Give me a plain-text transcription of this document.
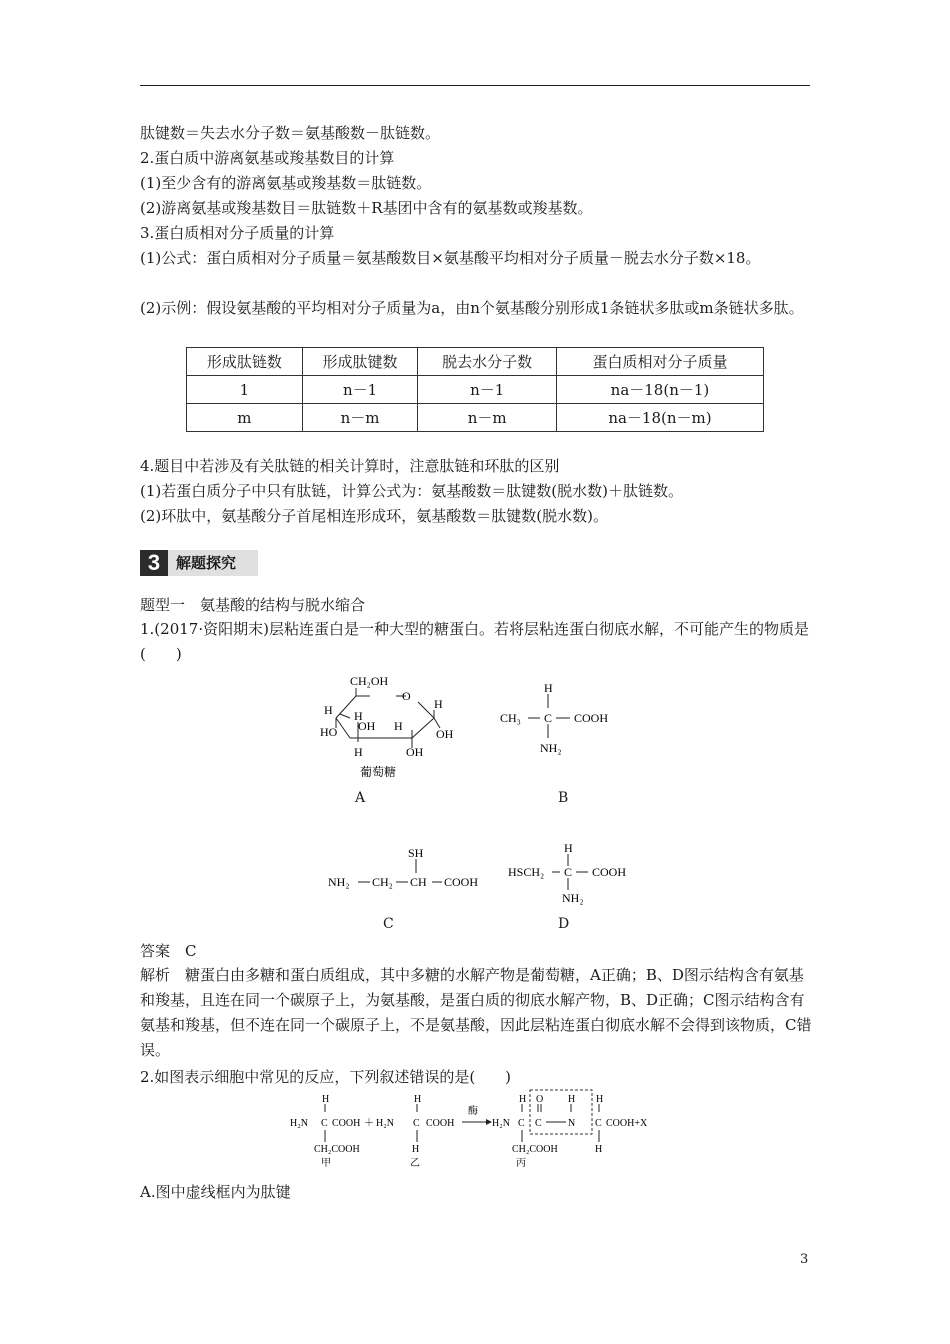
肽键数＝失去水分子数＝氨基酸数－肽链数。
2.蛋白质中游离氨基或羧基数目的计算
(1)至少含有的游离氨基或羧基数＝肽链数。
(2)游离氨基或羧基数目＝肽链数＋R基团中含有的氨基数或羧基数。
3.蛋白质相对分子质量的计算
(1)公式：蛋白质相对分子质量＝氨基酸数目×氨基酸平均相对分子质量－脱去水分子数×18。
(2)示例：假设氨基酸的平均相对分子质量为a，由n个氨基酸分别形成1条链状多肽或m条链状多肽。
形成肽链数	形成肽键数	脱去水分子数	蛋白质相对分子质量
1	n－1	n－1	na－18(n－1)
m	n－m	n－m	na－18(n－m)
4.题目中若涉及有关肽链的相关计算时，注意肽链和环肽的区别
(1)若蛋白质分子中只有肽链，计算公式为：氨基酸数＝肽键数(脱水数)＋肽链数。
(2)环肽中，氨基酸分子首尾相连形成环，氨基酸数＝肽键数(脱水数)。
3	解题探究
题型一　氨基酸的结构与脱水缩合
1.(2017·资阳期末)层粘连蛋白是一种大型的糖蛋白。若将层粘连蛋白彻底水解，不可能产生的物质是(　　)
CH₂OH
O
H H
H
OH H
HO	OH
H	OH
葡萄糖
A
H
CH₃ C COOH
NH₂
B
SH
NH₂ CH₂ CH COOH
C
H
HSCH₂ C COOH
NH₂
D
答案　C
解析　糖蛋白由多糖和蛋白质组成，其中多糖的水解产物是葡萄糖，A正确；B、D图示结构含有氨基和羧基，且连在同一个碳原子上，为氨基酸，是蛋白质的彻底水解产物，B、D正确；C图示结构含有氨基和羧基，但不连在同一个碳原子上，不是氨基酸，因此层粘连蛋白彻底水解不会得到该物质，C错误。
2.如图表示细胞中常见的反应，下列叙述错误的是(　　)
H
H₂N C COOH
CH₂COOH
甲
＋ H₂N
H
C COOH
H
乙
酶
H₂N
H
C
CH₂COOH
丙
O
C
H
N
H
C COOH+X
H
A.图中虚线框内为肽键
3
